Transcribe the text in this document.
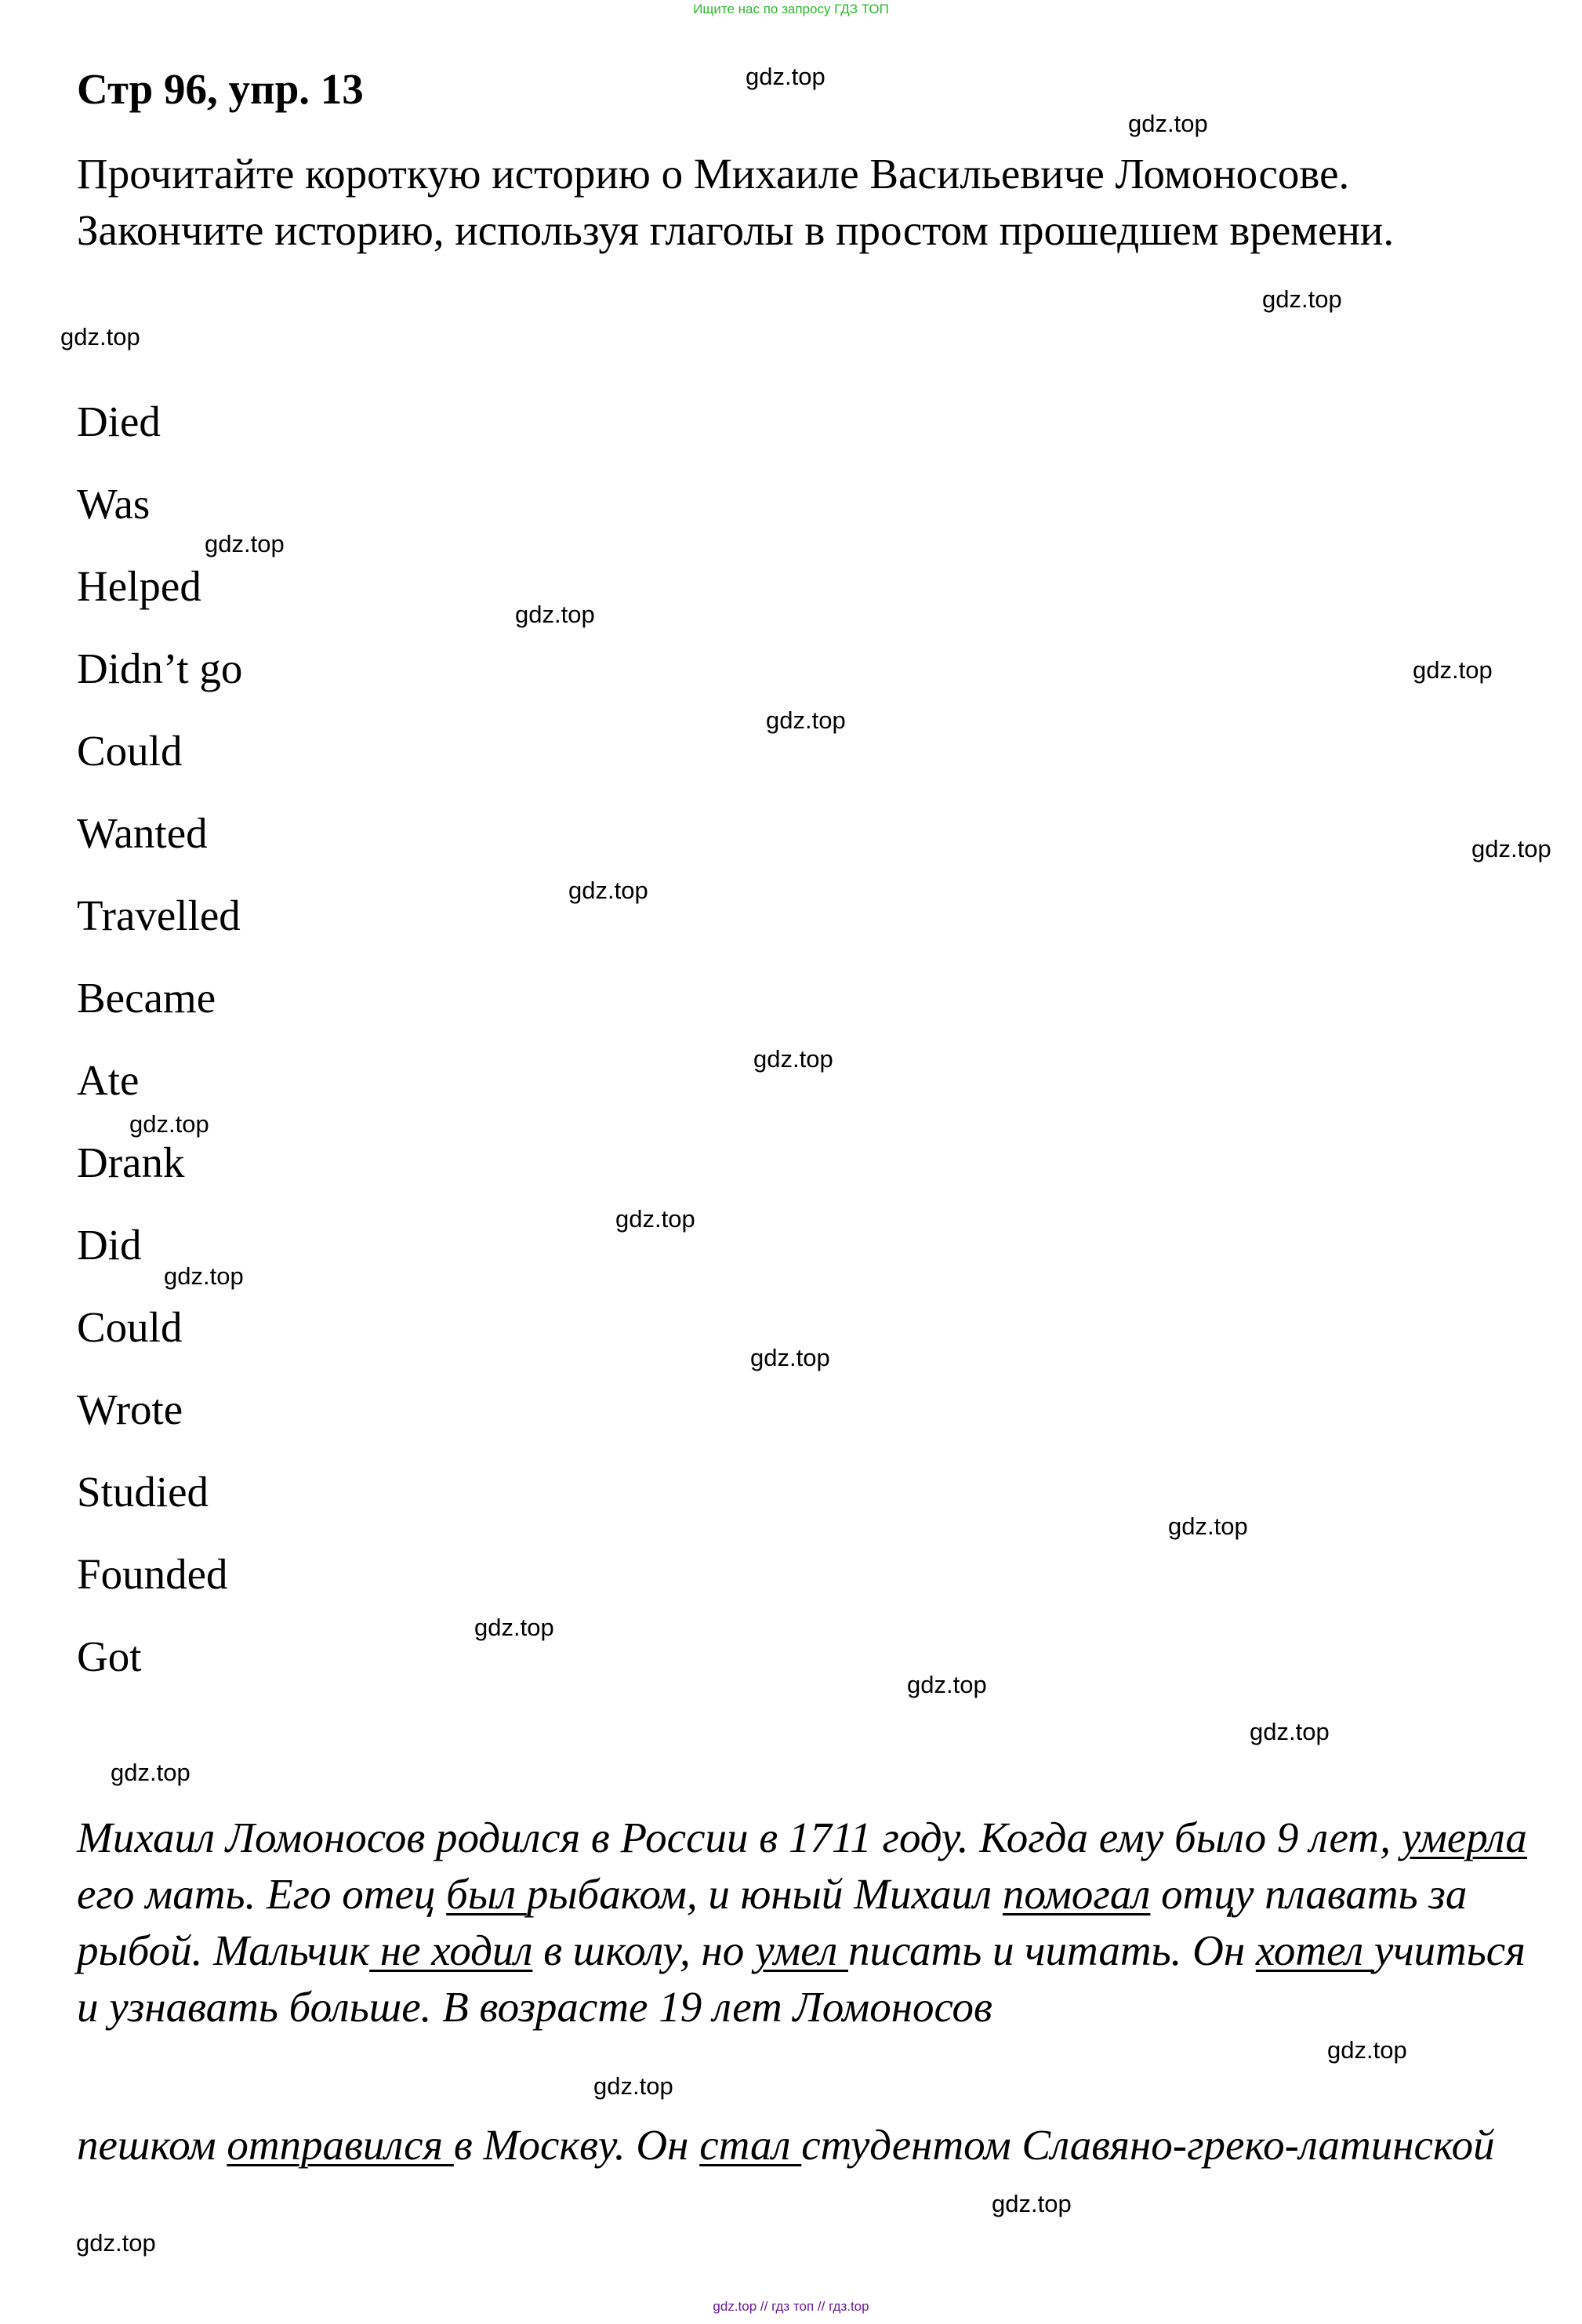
Ищите нас по запросу ГДЗ ТОП
Стр 96, упр. 13

Прочитайте короткую историю о Михаиле Васильевиче Ломоносове. Закончите историю, используя глаголы в простом прошедшем времени.

Died
Was
Helped
Didn’t go
Could
Wanted
Travelled
Became
Ate
Drank
Did
Could
Wrote
Studied
Founded
Got

Михаил Ломоносов родился в России в 1711 году. Когда ему было 9 лет, умерла его мать. Его отец был рыбаком, и юный Михаил помогал отцу плавать за рыбой. Мальчик не ходил в школу, но умел писать и читать. Он хотел учиться и узнавать больше. В возрасте 19 лет Ломоносов

пешком отправился в Москву. Он стал студентом Славяно-греко-латинской

gdz.top
gdz.top
gdz.top
gdz.top
gdz.top
gdz.top
gdz.top
gdz.top
gdz.top
gdz.top
gdz.top
gdz.top
gdz.top
gdz.top
gdz.top
gdz.top
gdz.top
gdz.top
gdz.top
gdz.top
gdz.top
gdz.top
gdz.top
gdz.top
gdz.top // гдз топ // гдз.top
